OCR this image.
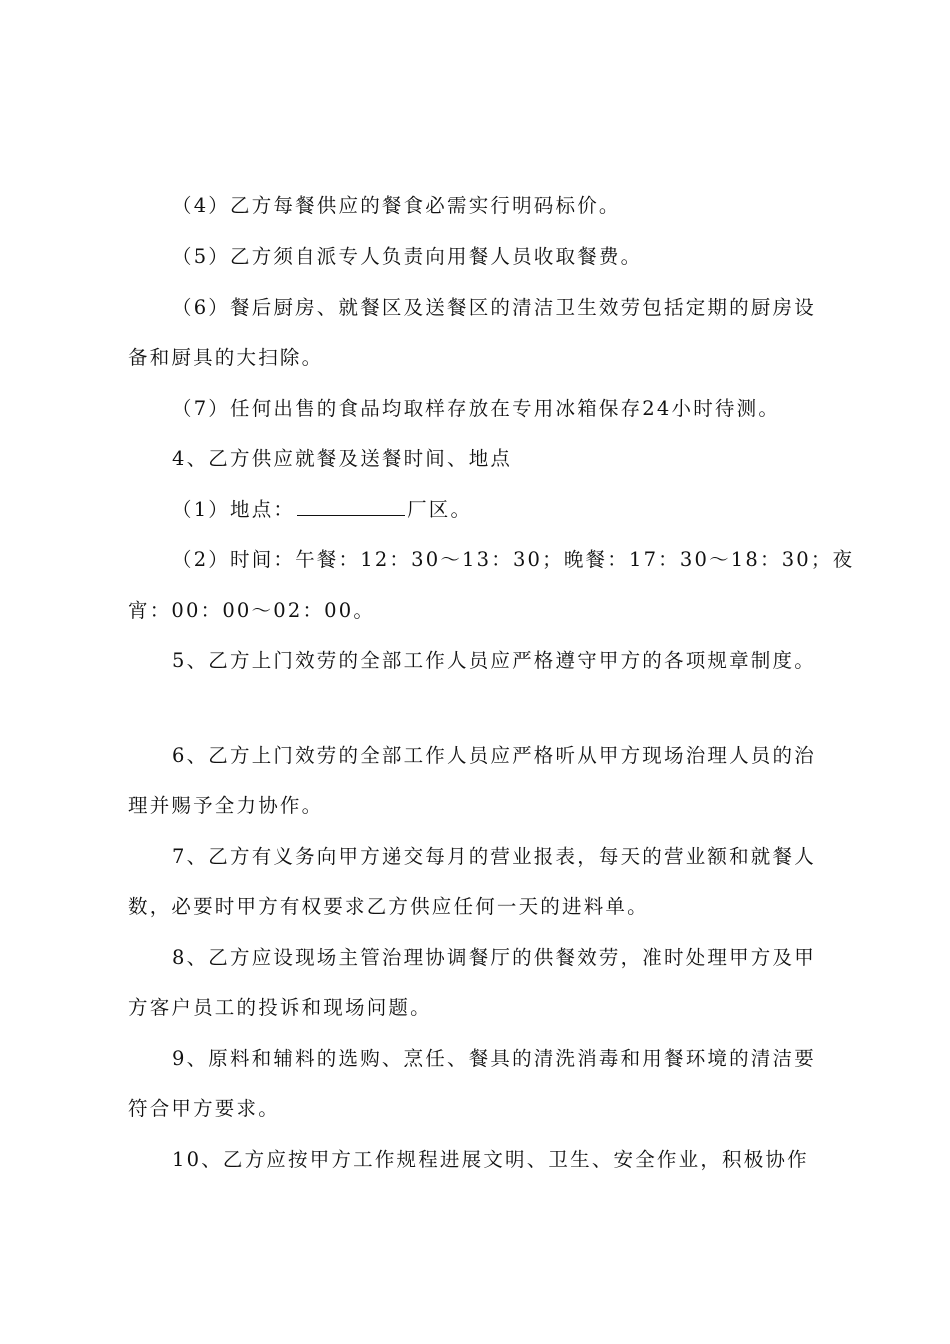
（4）乙方每餐供应的餐食必需实行明码标价。
（5）乙方须自派专人负责向用餐人员收取餐费。
（6）餐后厨房、就餐区及送餐区的清洁卫生效劳包括定期的厨房设
备和厨具的大扫除。
（7）任何出售的食品均取样存放在专用冰箱保存24小时待测。
4、乙方供应就餐及送餐时间、地点
（1）地点：	厂区。
（2）时间：午餐：12：30～13：30；晚餐：17：30～18：30；夜
宵：00：00～02：00。
5、乙方上门效劳的全部工作人员应严格遵守甲方的各项规章制度。
6、乙方上门效劳的全部工作人员应严格听从甲方现场治理人员的治
理并赐予全力协作。
7、乙方有义务向甲方递交每月的营业报表，每天的营业额和就餐人
数，必要时甲方有权要求乙方供应任何一天的进料单。
8、乙方应设现场主管治理协调餐厅的供餐效劳，准时处理甲方及甲
方客户员工的投诉和现场问题。
9、原料和辅料的选购、烹任、餐具的清洗消毒和用餐环境的清洁要
符合甲方要求。
10、乙方应按甲方工作规程进展文明、卫生、安全作业，积极协作
